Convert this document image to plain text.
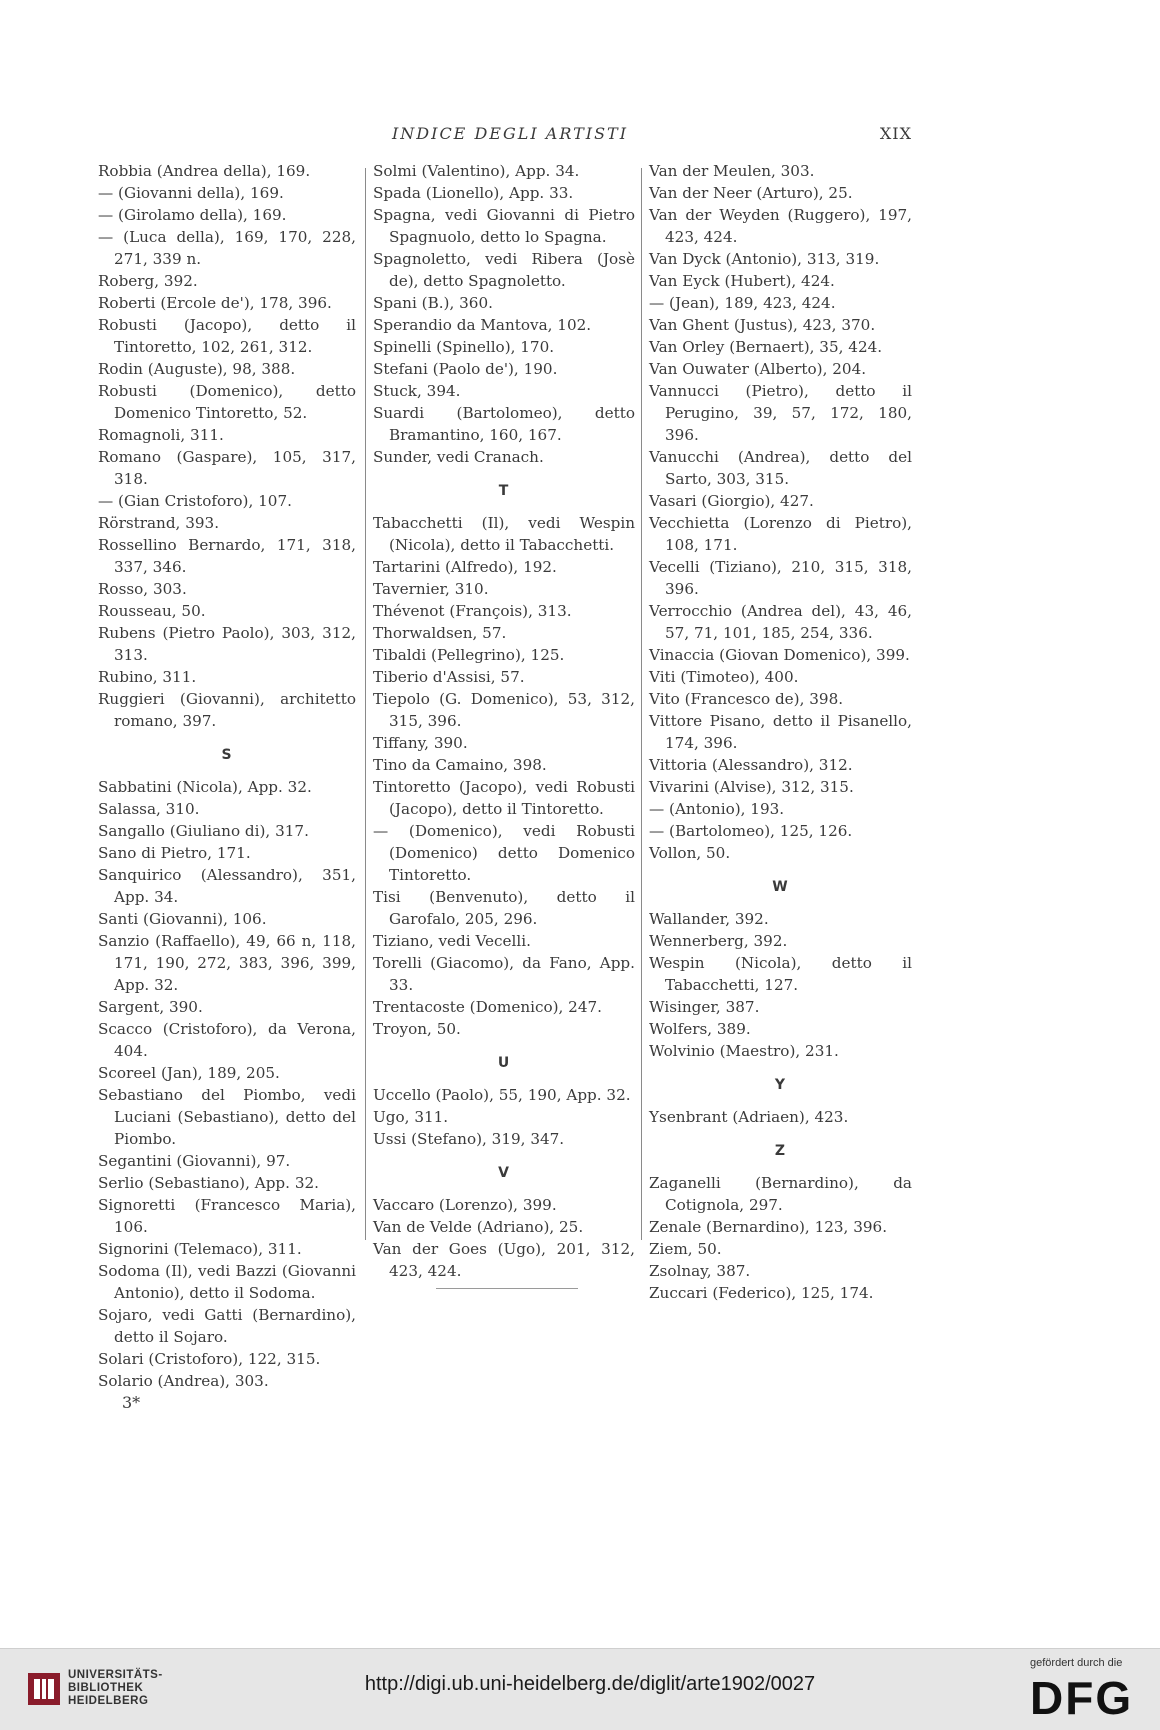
INDICE DEGLI ARTISTI	XIX
Robbia (Andrea della), 169.
— (Giovanni della), 169.
— (Girolamo della), 169.
— (Luca della), 169, 170, 228, 271, 339 n.
Roberg, 392.
Roberti (Ercole de'), 178, 396.
Robusti (Jacopo), detto il Tintoretto, 102, 261, 312.
Rodin (Auguste), 98, 388.
Robusti (Domenico), detto Domenico Tintoretto, 52.
Romagnoli, 311.
Romano (Gaspare), 105, 317, 318.
— (Gian Cristoforo), 107.
Rörstrand, 393.
Rossellino Bernardo, 171, 318, 337, 346.
Rosso, 303.
Rousseau, 50.
Rubens (Pietro Paolo), 303, 312, 313.
Rubino, 311.
Ruggieri (Giovanni), architetto romano, 397.
S
Sabbatini (Nicola), App. 32.
Salassa, 310.
Sangallo (Giuliano di), 317.
Sano di Pietro, 171.
Sanquirico (Alessandro), 351, App. 34.
Santi (Giovanni), 106.
Sanzio (Raffaello), 49, 66 n, 118, 171, 190, 272, 383, 396, 399, App. 32.
Sargent, 390.
Scacco (Cristoforo), da Verona, 404.
Scoreel (Jan), 189, 205.
Sebastiano del Piombo, vedi Luciani (Sebastiano), detto del Piombo.
Segantini (Giovanni), 97.
Serlio (Sebastiano), App. 32.
Signoretti (Francesco Maria), 106.
Signorini (Telemaco), 311.
Sodoma (Il), vedi Bazzi (Giovanni Antonio), detto il Sodoma.
Sojaro, vedi Gatti (Bernardino), detto il Sojaro.
Solari (Cristoforo), 122, 315.
Solario (Andrea), 303.
Solmi (Valentino), App. 34.
Spada (Lionello), App. 33.
Spagna, vedi Giovanni di Pietro Spagnuolo, detto lo Spagna.
Spagnoletto, vedi Ribera (Josè de), detto Spagnoletto.
Spani (B.), 360.
Sperandio da Mantova, 102.
Spinelli (Spinello), 170.
Stefani (Paolo de'), 190.
Stuck, 394.
Suardi (Bartolomeo), detto Bramantino, 160, 167.
Sunder, vedi Cranach.
T
Tabacchetti (Il), vedi Wespin (Nicola), detto il Tabacchetti.
Tartarini (Alfredo), 192.
Tavernier, 310.
Thévenot (François), 313.
Thorwaldsen, 57.
Tibaldi (Pellegrino), 125.
Tiberio d'Assisi, 57.
Tiepolo (G. Domenico), 53, 312, 315, 396.
Tiffany, 390.
Tino da Camaino, 398.
Tintoretto (Jacopo), vedi Robusti (Jacopo), detto il Tintoretto.
— (Domenico), vedi Robusti (Domenico) detto Domenico Tintoretto.
Tisi (Benvenuto), detto il Garofalo, 205, 296.
Tiziano, vedi Vecelli.
Torelli (Giacomo), da Fano, App. 33.
Trentacoste (Domenico), 247.
Troyon, 50.
U
Uccello (Paolo), 55, 190, App. 32.
Ugo, 311.
Ussi (Stefano), 319, 347.
V
Vaccaro (Lorenzo), 399.
Van de Velde (Adriano), 25.
Van der Goes (Ugo), 201, 312, 423, 424.
Van der Meulen, 303.
Van der Neer (Arturo), 25.
Van der Weyden (Ruggero), 197, 423, 424.
Van Dyck (Antonio), 313, 319.
Van Eyck (Hubert), 424.
— (Jean), 189, 423, 424.
Van Ghent (Justus), 423, 370.
Van Orley (Bernaert), 35, 424.
Van Ouwater (Alberto), 204.
Vannucci (Pietro), detto il Perugino, 39, 57, 172, 180, 396.
Vanucchi (Andrea), detto del Sarto, 303, 315.
Vasari (Giorgio), 427.
Vecchietta (Lorenzo di Pietro), 108, 171.
Vecelli (Tiziano), 210, 315, 318, 396.
Verrocchio (Andrea del), 43, 46, 57, 71, 101, 185, 254, 336.
Vinaccia (Giovan Domenico), 399.
Viti (Timoteo), 400.
Vito (Francesco de), 398.
Vittore Pisano, detto il Pisanello, 174, 396.
Vittoria (Alessandro), 312.
Vivarini (Alvise), 312, 315.
— (Antonio), 193.
— (Bartolomeo), 125, 126.
Vollon, 50.
W
Wallander, 392.
Wennerberg, 392.
Wespin (Nicola), detto il Tabacchetti, 127.
Wisinger, 387.
Wolfers, 389.
Wolvinio (Maestro), 231.
Y
Ysenbrant (Adriaen), 423.
Z
Zaganelli (Bernardino), da Cotignola, 297.
Zenale (Bernardino), 123, 396.
Ziem, 50.
Zsolnay, 387.
Zuccari (Federico), 125, 174.
3*
UNIVERSITÄTS-
BIBLIOTHEK
HEIDELBERG
http://digi.ub.uni-heidelberg.de/diglit/arte1902/0027
gefördert durch die
DFG
